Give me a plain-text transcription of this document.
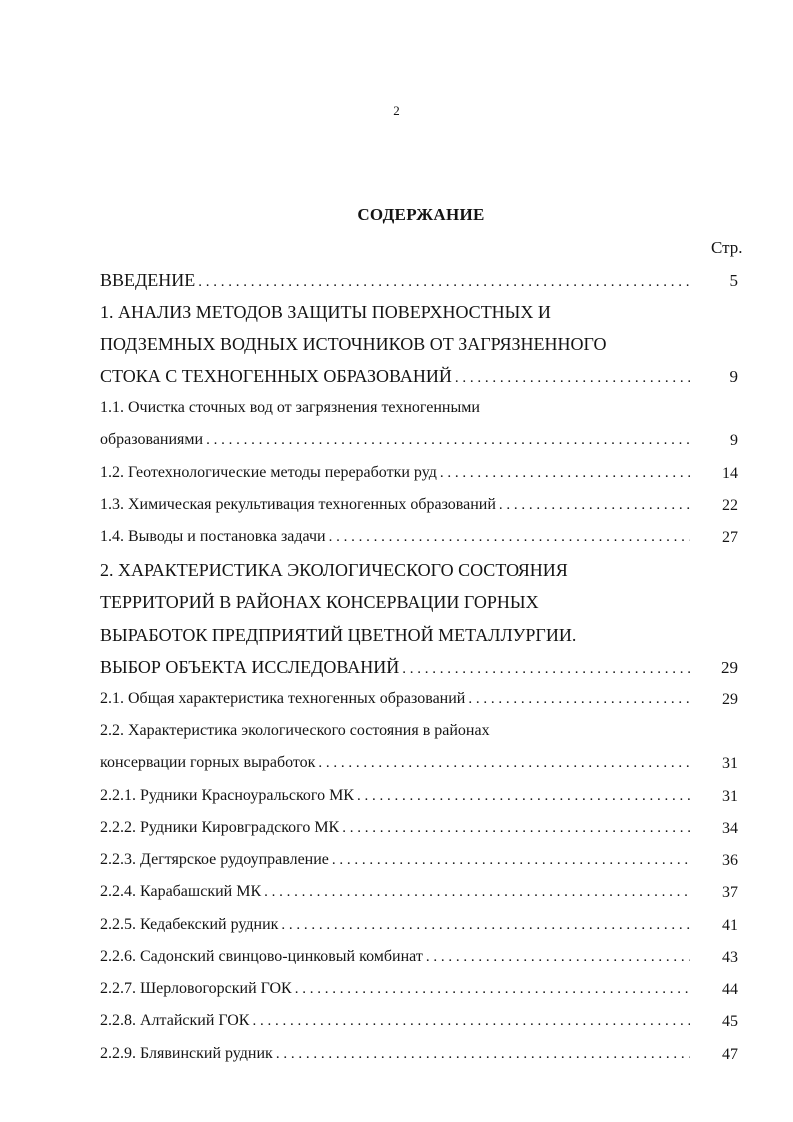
2
СОДЕРЖАНИЕ
Стр.
ВВЕДЕНИЕ . . .	5
1. АНАЛИЗ МЕТОДОВ ЗАЩИТЫ ПОВЕРХНОСТНЫХ И
ПОДЗЕМНЫХ ВОДНЫХ ИСТОЧНИКОВ ОТ ЗАГРЯЗНЕННОГО
СТОКА С ТЕХНОГЕННЫХ ОБРАЗОВАНИЙ . . .	9
1.1. Очистка сточных вод от загрязнения техногенными
образованиями . . .	9
1.2. Геотехнологические методы переработки руд . . .	14
1.3. Химическая рекультивация техногенных образований . . .	22
1.4. Выводы и постановка задачи . . .	27
2. ХАРАКТЕРИСТИКА ЭКОЛОГИЧЕСКОГО СОСТОЯНИЯ
ТЕРРИТОРИЙ В РАЙОНАХ КОНСЕРВАЦИИ ГОРНЫХ
ВЫРАБОТОК ПРЕДПРИЯТИЙ ЦВЕТНОЙ МЕТАЛЛУРГИИ.
ВЫБОР ОБЪЕКТА ИССЛЕДОВАНИЙ . . .	29
2.1. Общая характеристика техногенных образований . . .	29
2.2. Характеристика экологического состояния в районах
консервации горных выработок . . .	31
2.2.1. Рудники Красноуральского МК . . .	31
2.2.2. Рудники Кировградского МК . . .	34
2.2.3. Дегтярское рудоуправление . . .	36
2.2.4. Карабашский МК . . .	37
2.2.5. Кедабекский рудник . . .	41
2.2.6. Садонский свинцово-цинковый комбинат . . .	43
2.2.7. Шерловогорский ГОК . . .	44
2.2.8. Алтайский ГОК . . .	45
2.2.9. Блявинский рудник . . .	47
